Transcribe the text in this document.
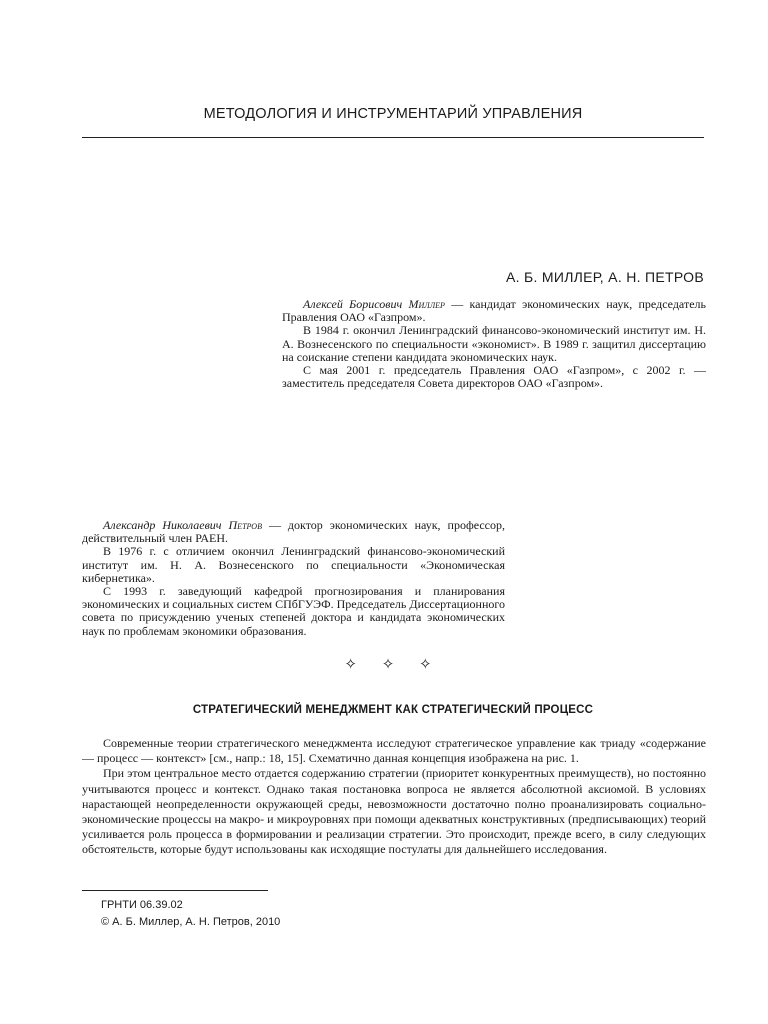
МЕТОДОЛОГИЯ И ИНСТРУМЕНТАРИЙ УПРАВЛЕНИЯ
А. Б. МИЛЛЕР, А. Н. ПЕТРОВ

Алексей Борисович Миллер — кандидат экономических наук, председатель Правления ОАО «Газпром».

В 1984 г. окончил Ленинградский финансово-экономический институт им. Н. А. Вознесенского по специальности «экономист». В 1989 г. защитил диссертацию на соискание степени кандидата экономических наук.

С мая 2001 г. председатель Правления ОАО «Газпром», с 2002 г. — заместитель председателя Совета директоров ОАО «Газпром».

Александр Николаевич Петров — доктор экономических наук, профессор, действительный член РАЕН.

В 1976 г. с отличием окончил Ленинградский финансово-экономический институт им. Н. А. Вознесенского по специальности «Экономическая кибернетика».

С 1993 г. заведующий кафедрой прогнозирования и планирования экономических и социальных систем СПбГУЭФ. Председатель Диссертационного совета по присуждению ученых степеней доктора и кандидата экономических наук по проблемам экономики образования.

✧ ✧ ✧
СТРАТЕГИЧЕСКИЙ МЕНЕДЖМЕНТ КАК СТРАТЕГИЧЕСКИЙ ПРОЦЕСС

Современные теории стратегического менеджмента исследуют стратегическое управление как триаду «содержание — процесс — контекст» [см., напр.: 18, 15]. Схематично данная концепция изображена на рис. 1.

При этом центральное место отдается содержанию стратегии (приоритет конкурентных преимуществ), но постоянно учитываются процесс и контекст. Однако такая постановка вопроса не является абсолютной аксиомой. В условиях нарастающей неопределенности окружающей среды, невозможности достаточно полно проанализировать социально-экономические процессы на макро- и микроуровнях при помощи адекватных конструктивных (предписывающих) теорий усиливается роль процесса в формировании и реализации стратегии. Это происходит, прежде всего, в силу следующих обстоятельств, которые будут использованы как исходящие постулаты для дальнейшего исследования.

ГРНТИ 06.39.02
© А. Б. Миллер, А. Н. Петров, 2010
